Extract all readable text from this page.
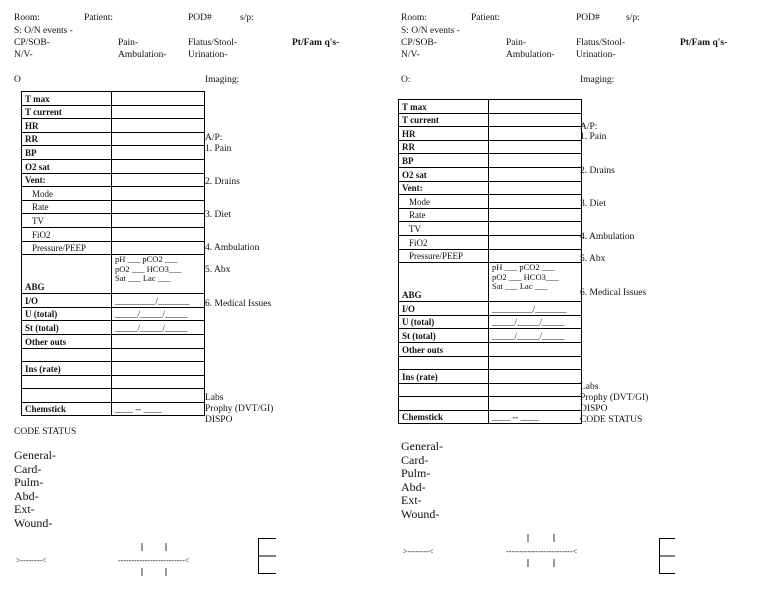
Room:	Patient:	POD#	s/p:
S: O/N events -
CP/SOB-	Pain-	Flatus/Stool-	Pt/Fam q's-
N/V-	Ambulation- Urination-
O	Imaging:
T max	
T current	
HR	
RR	
BP	
O2 sat	
Vent:	
Mode	
Rate	
TV	
FiO2	
Pressure/PEEP	
ABG	pH ___ pCO2 ___
pO2 ___ HCO3___
Sat ___ Lac ___

I/O	_________/_______
U (total)	_____/_____/_____
St (total)	_____/_____/_____
Other outs	

Ins (rate)	

Chemstick	____ -- ____
A/P:
1. Pain
2. Drains
3. Diet
4. Ambulation
5. Abx
6. Medical Issues
Labs
Prophy (DVT/GI)
DISPO
CODE STATUS
General-
Card-
Pulm-
Abd-
Ext-
Wound-
>--------<	-------------------------<
Room:	Patient:	POD#	s/p:
S: O/N events -
CP/SOB-	Pain-	Flatus/Stool-	Pt/Fam q's-
N/V-	Ambulation- Urination-
O:	Imaging:
T max	
T current	
HR	
RR	
BP	
O2 sat	
Vent:	
Mode	
Rate	
TV	
FiO2	
Pressure/PEEP	
ABG	pH ___ pCO2 ___
pO2 ___ HCO3___
Sat ___ Lac ___

I/O	_________/_______
U (total)	_____/_____/_____
St (total)	_____/_____/_____
Other outs	

Ins (rate)	

Chemstick	____ -- ____
A/P:
1. Pain
2. Drains
3. Diet
4. Ambulation
5. Abx
6. Medical Issues
Labs
Prophy (DVT/GI)
DISPO
CODE STATUS
General-
Card-
Pulm-
Abd-
Ext-
Wound-
>--------<	-------------------------<
